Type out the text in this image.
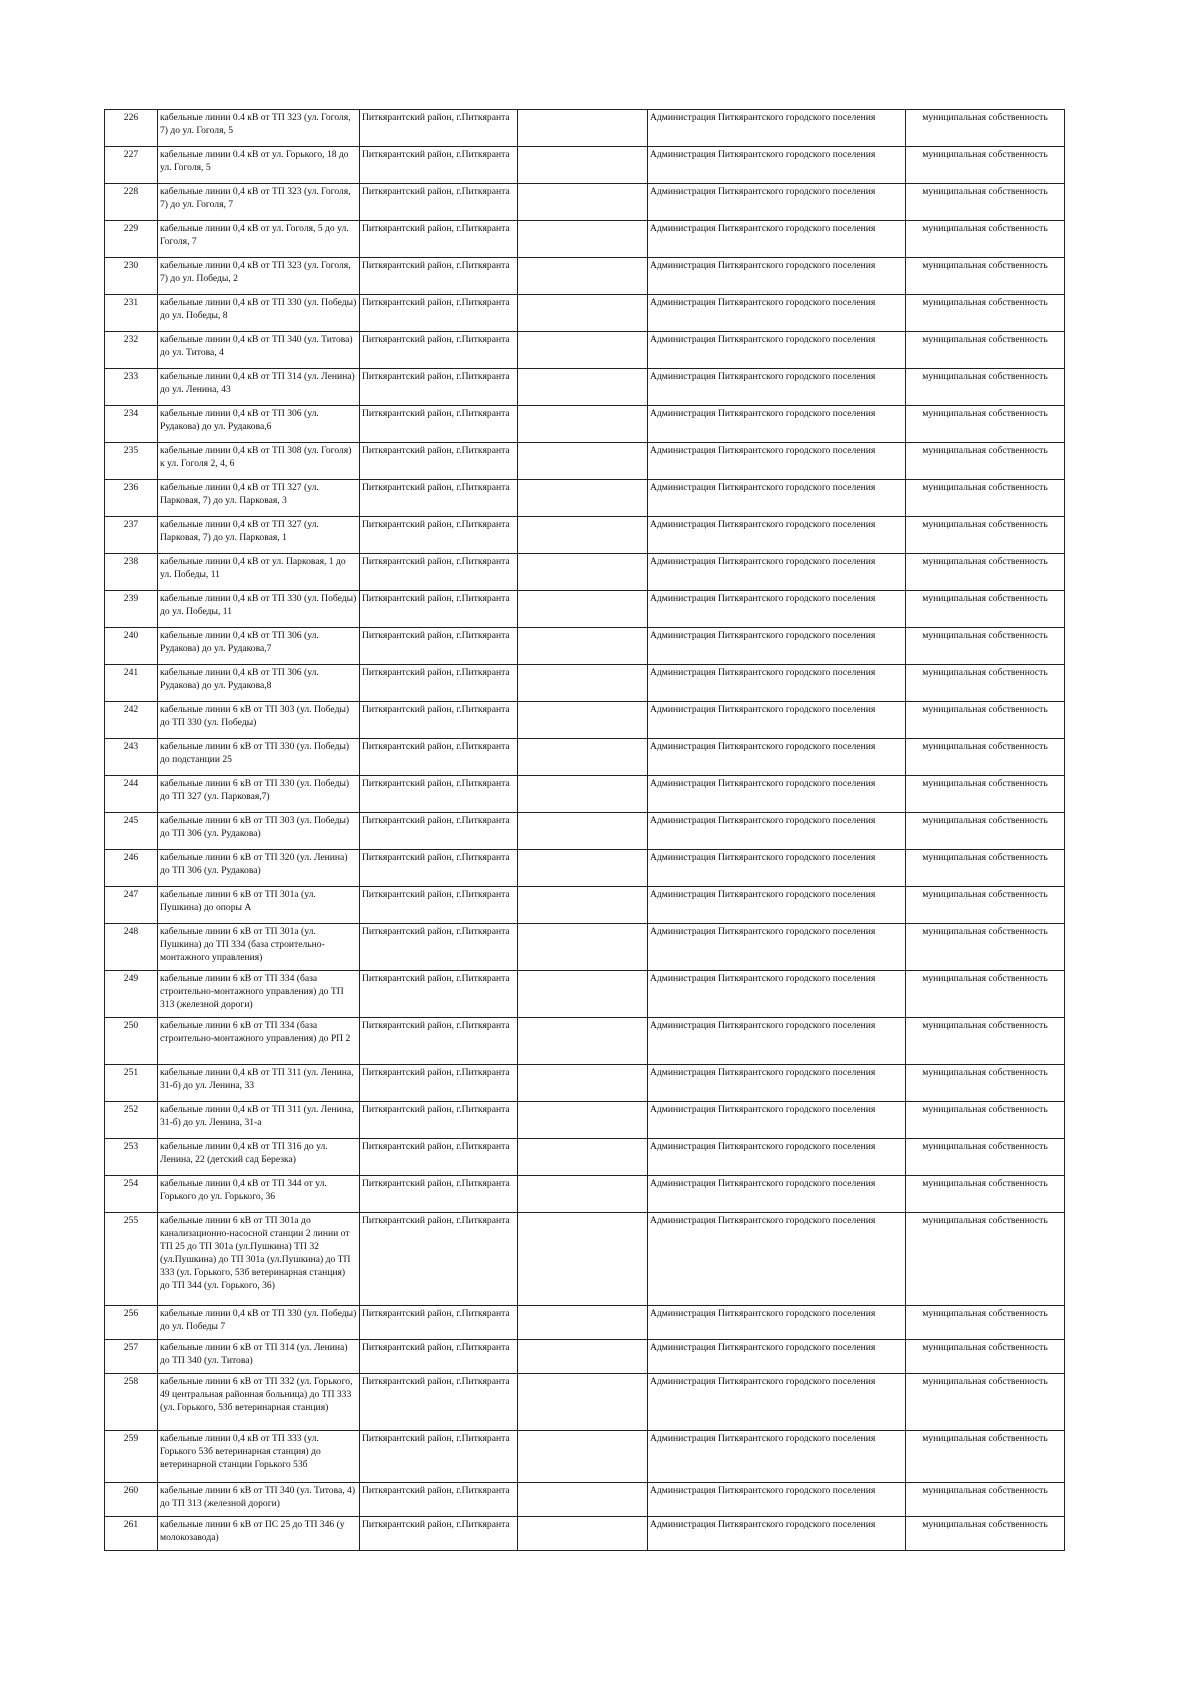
226	кабельные линии 0.4 кВ от ТП 323 (ул. Гоголя, 7) до ул. Гоголя, 5	Питкярантский район, г.Питкяранта		Администрация Питкярантского городского поселения	муниципальная собственность
227	кабельные линии 0.4 кВ от ул. Горького, 18 до ул. Гоголя, 5	Питкярантский район, г.Питкяранта		Администрация Питкярантского городского поселения	муниципальная собственность
228	кабельные линии 0,4 кВ от ТП 323 (ул. Гоголя, 7) до ул. Гоголя, 7	Питкярантский район, г.Питкяранта		Администрация Питкярантского городского поселения	муниципальная собственность
229	кабельные линии 0,4 кВ от ул. Гоголя, 5 до ул. Гоголя, 7	Питкярантский район, г.Питкяранта		Администрация Питкярантского городского поселения	муниципальная собственность
230	кабельные линии 0,4 кВ от ТП 323 (ул. Гоголя, 7) до ул. Победы, 2	Питкярантский район, г.Питкяранта		Администрация Питкярантского городского поселения	муниципальная собственность
231	кабельные линии 0,4 кВ от ТП 330 (ул. Победы) до ул. Победы, 8	Питкярантский район, г.Питкяранта		Администрация Питкярантского городского поселения	муниципальная собственность
232	кабельные линии 0,4 кВ от ТП 340 (ул. Титова) до ул. Титова, 4	Питкярантский район, г.Питкяранта		Администрация Питкярантского городского поселения	муниципальная собственность
233	кабельные линии 0,4 кВ от ТП 314 (ул. Ленина) до ул. Ленина, 43	Питкярантский район, г.Питкяранта		Администрация Питкярантского городского поселения	муниципальная собственность
234	кабельные линии 0,4 кВ от ТП 306 (ул. Рудакова) до ул. Рудакова,6	Питкярантский район, г.Питкяранта		Администрация Питкярантского городского поселения	муниципальная собственность
235	кабельные линии 0,4 кВ от ТП 308 (ул. Гоголя) к ул. Гоголя 2, 4, 6	Питкярантский район, г.Питкяранта		Администрация Питкярантского городского поселения	муниципальная собственность
236	кабельные линии 0,4 кВ от ТП 327 (ул. Парковая, 7) до ул. Парковая, 3	Питкярантский район, г.Питкяранта		Администрация Питкярантского городского поселения	муниципальная собственность
237	кабельные линии 0,4 кВ от ТП 327 (ул. Парковая, 7) до ул. Парковая, 1	Питкярантский район, г.Питкяранта		Администрация Питкярантского городского поселения	муниципальная собственность
238	кабельные линии 0,4 кВ от ул. Парковая, 1 до ул. Победы, 11	Питкярантский район, г.Питкяранта		Администрация Питкярантского городского поселения	муниципальная собственность
239	кабельные линии 0,4 кВ от ТП 330 (ул. Победы) до ул. Победы, 11	Питкярантский район, г.Питкяранта		Администрация Питкярантского городского поселения	муниципальная собственность
240	кабельные линии 0,4 кВ от ТП 306 (ул. Рудакова) до ул. Рудакова,7	Питкярантский район, г.Питкяранта		Администрация Питкярантского городского поселения	муниципальная собственность
241	кабельные линии 0,4 кВ от ТП 306 (ул. Рудакова) до ул. Рудакова,8	Питкярантский район, г.Питкяранта		Администрация Питкярантского городского поселения	муниципальная собственность
242	кабельные линии 6 кВ от ТП 303 (ул. Победы) до ТП 330 (ул. Победы)	Питкярантский район, г.Питкяранта		Администрация Питкярантского городского поселения	муниципальная собственность
243	кабельные линии 6 кВ от ТП 330 (ул. Победы) до подстанции 25	Питкярантский район, г.Питкяранта		Администрация Питкярантского городского поселения	муниципальная собственность
244	кабельные линии 6 кВ от ТП 330 (ул. Победы) до ТП 327 (ул. Парковая,7)	Питкярантский район, г.Питкяранта		Администрация Питкярантского городского поселения	муниципальная собственность
245	кабельные линии 6 кВ от ТП 303 (ул. Победы) до ТП 306 (ул. Рудакова)	Питкярантский район, г.Питкяранта		Администрация Питкярантского городского поселения	муниципальная собственность
246	кабельные линии 6 кВ от ТП 320 (ул. Ленина) до ТП 306 (ул. Рудакова)	Питкярантский район, г.Питкяранта		Администрация Питкярантского городского поселения	муниципальная собственность
247	кабельные линии 6 кВ от ТП 301а (ул. Пушкина) до опоры А	Питкярантский район, г.Питкяранта		Администрация Питкярантского городского поселения	муниципальная собственность
248	кабельные линии 6 кВ от ТП 301а (ул. Пушкина) до ТП 334 (база строительно-монтажного управления)	Питкярантский район, г.Питкяранта		Администрация Питкярантского городского поселения	муниципальная собственность
249	кабельные линии 6 кВ от ТП 334 (база строительно-монтажного управления) до ТП 313 (железной дороги)	Питкярантский район, г.Питкяранта		Администрация Питкярантского городского поселения	муниципальная собственность
250	кабельные линии 6 кВ от ТП 334 (база строительно-монтажного управления) до РП 2	Питкярантский район, г.Питкяранта		Администрация Питкярантского городского поселения	муниципальная собственность
251	кабельные линии 0,4 кВ от ТП 311 (ул. Ленина, 31-б) до ул. Ленина, 33	Питкярантский район, г.Питкяранта		Администрация Питкярантского городского поселения	муниципальная собственность
252	кабельные линии 0,4 кВ от ТП 311 (ул. Ленина, 31-б) до ул. Ленина, 31-а	Питкярантский район, г.Питкяранта		Администрация Питкярантского городского поселения	муниципальная собственность
253	кабельные линии 0,4 кВ от ТП 316 до ул. Ленина, 22 (детский сад Березка)	Питкярантский район, г.Питкяранта		Администрация Питкярантского городского поселения	муниципальная собственность
254	кабельные линии 0,4 кВ от ТП 344 от ул. Горького до ул. Горького, 36	Питкярантский район, г.Питкяранта		Администрация Питкярантского городского поселения	муниципальная собственность
255	кабельные линии 6 кВ от ТП 301а до канализационно-насосной станции 2 линии от ТП 25 до ТП 301а (ул.Пушкина) ТП 32 (ул.Пушкина) до ТП 301а (ул.Пушкина) до ТП 333 (ул. Горького, 53б ветеринарная станция) до ТП 344 (ул. Горького, 36)	Питкярантский район, г.Питкяранта		Администрация Питкярантского городского поселения	муниципальная собственность
256	кабельные линии 0,4 кВ от ТП 330 (ул. Победы) до ул. Победы 7	Питкярантский район, г.Питкяранта		Администрация Питкярантского городского поселения	муниципальная собственность
257	кабельные линии 6 кВ от ТП 314 (ул. Ленина) до ТП 340 (ул. Титова)	Питкярантский район, г.Питкяранта		Администрация Питкярантского городского поселения	муниципальная собственность
258	кабельные линии 6 кВ от ТП 332 (ул. Горького, 49 центральная районная больница) до ТП 333 (ул. Горького, 53б ветеринарная станция)	Питкярантский район, г.Питкяранта		Администрация Питкярантского городского поселения	муниципальная собственность
259	кабельные линии 0,4 кВ от ТП 333 (ул. Горького 53б ветеринарная станция) до ветеринарной станции Горького 53б	Питкярантский район, г.Питкяранта		Администрация Питкярантского городского поселения	муниципальная собственность
260	кабельные линии 6 кВ от ТП 340 (ул. Титова, 4) до ТП 313 (железной дороги)	Питкярантский район, г.Питкяранта		Администрация Питкярантского городского поселения	муниципальная собственность
261	кабельные линии 6 кВ от ПС 25 до ТП 346 (у молокозавода)	Питкярантский район, г.Питкяранта		Администрация Питкярантского городского поселения	муниципальная собственность
